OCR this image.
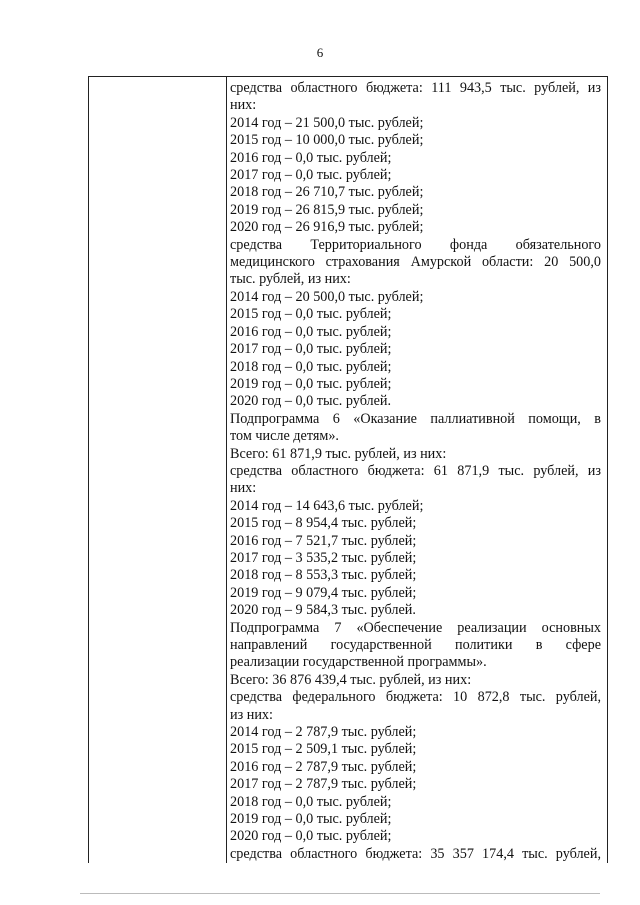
6
средства областного бюджета: 111 943,5 тыс. рублей, из
них:
2014 год – 21 500,0 тыс. рублей;
2015 год – 10 000,0 тыс. рублей;
2016 год – 0,0 тыс. рублей;
2017 год – 0,0 тыс. рублей;
2018 год – 26 710,7 тыс. рублей;
2019 год – 26 815,9 тыс. рублей;
2020 год – 26 916,9 тыс. рублей;
средства Территориального фонда обязательного
медицинского страхования Амурской области: 20 500,0
тыс. рублей, из них:
2014 год – 20 500,0 тыс. рублей;
2015 год – 0,0 тыс. рублей;
2016 год – 0,0 тыс. рублей;
2017 год – 0,0 тыс. рублей;
2018 год – 0,0 тыс. рублей;
2019 год – 0,0 тыс. рублей;
2020 год – 0,0 тыс. рублей.
Подпрограмма 6 «Оказание паллиативной помощи, в
том числе детям».
Всего: 61 871,9 тыс. рублей, из них:
средства областного бюджета: 61 871,9 тыс. рублей, из
них:
2014 год – 14 643,6 тыс. рублей;
2015 год – 8 954,4 тыс. рублей;
2016 год – 7 521,7 тыс. рублей;
2017 год – 3 535,2 тыс. рублей;
2018 год – 8 553,3 тыс. рублей;
2019 год – 9 079,4 тыс. рублей;
2020 год – 9 584,3 тыс. рублей.
Подпрограмма 7 «Обеспечение реализации основных
направлений государственной политики в сфере
реализации государственной программы».
Всего: 36 876 439,4 тыс. рублей, из них:
средства федерального бюджета: 10 872,8 тыс. рублей,
из них:
2014 год – 2 787,9 тыс. рублей;
2015 год – 2 509,1 тыс. рублей;
2016 год – 2 787,9 тыс. рублей;
2017 год – 2 787,9 тыс. рублей;
2018 год – 0,0 тыс. рублей;
2019 год – 0,0 тыс. рублей;
2020 год – 0,0 тыс. рублей;
средства областного бюджета: 35 357 174,4 тыс. рублей,
